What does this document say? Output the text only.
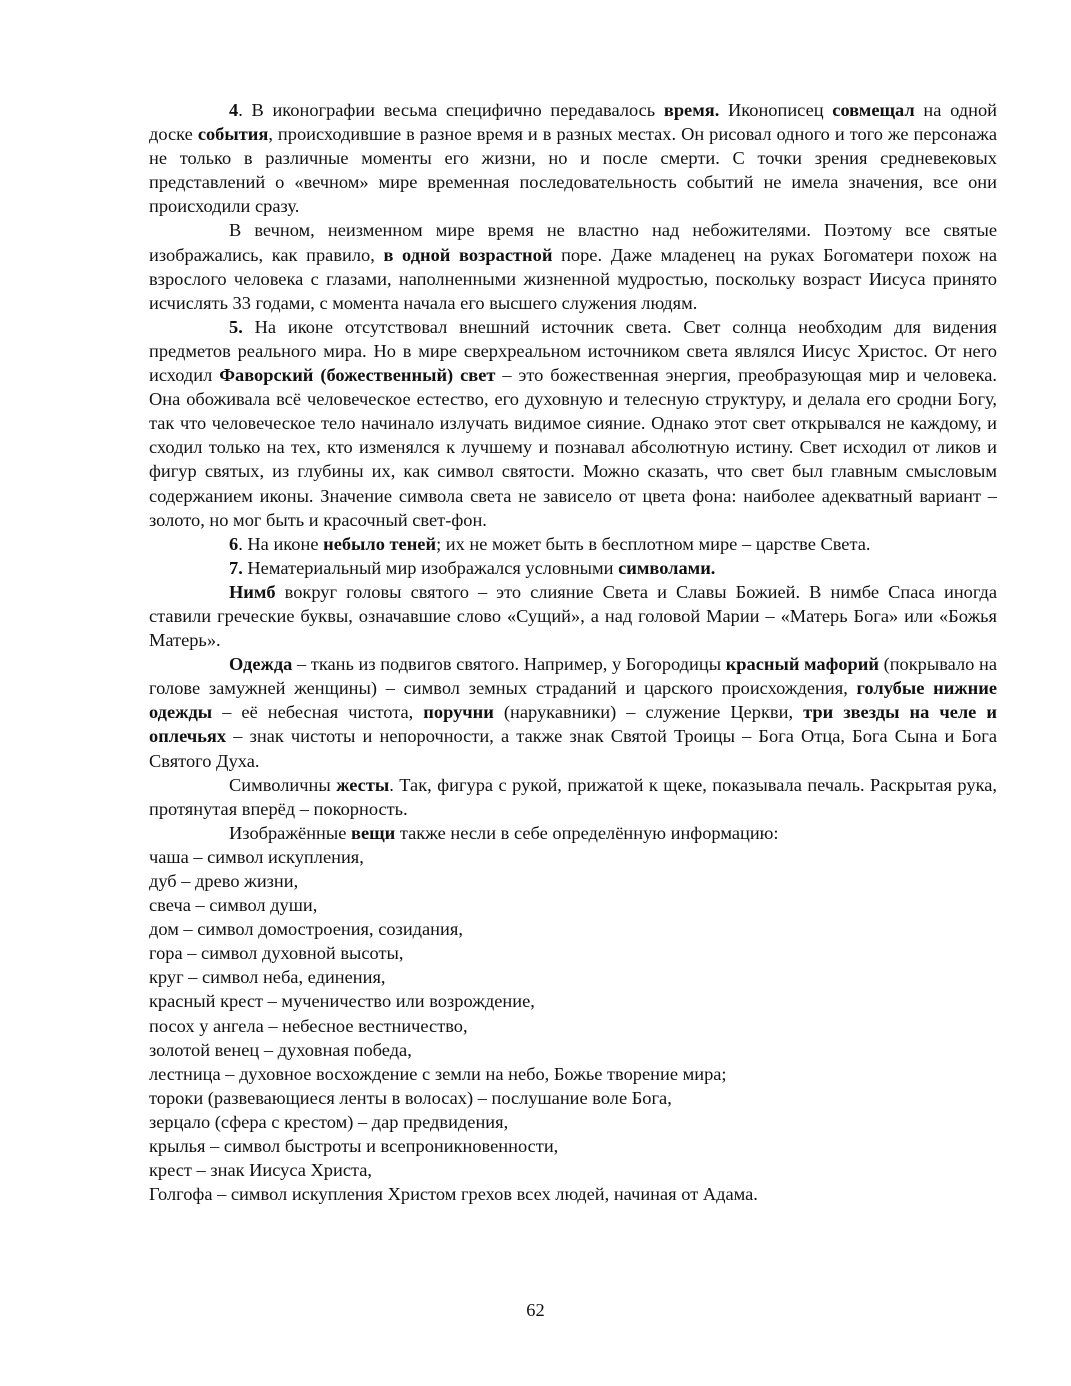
4. В иконографии весьма специфично передавалось время. Иконописец совмещал на одной доске события, происходившие в разное время и в разных местах. Он рисовал одного и того же персонажа не только в различные моменты его жизни, но и после смерти. С точки зрения средневековых представлений о «вечном» мире временная последовательность событий не имела значения, все они происходили сразу.

В вечном, неизменном мире время не властно над небожителями. Поэтому все святые изображались, как правило, в одной возрастной поре. Даже младенец на руках Богоматери похож на взрослого человека с глазами, наполненными жизненной мудростью, поскольку возраст Иисуса принято исчислять 33 годами, с момента начала его высшего служения людям.

5. На иконе отсутствовал внешний источник света. Свет солнца необходим для видения предметов реального мира. Но в мире сверхреальном источником света являлся Иисус Христос. От него исходил Фаворский (божественный) свет – это божественная энергия, преобразующая мир и человека. Она обоживала всё человеческое естество, его духовную и телесную структуру, и делала его сродни Богу, так что человеческое тело начинало излучать видимое сияние. Однако этот свет открывался не каждому, и сходил только на тех, кто изменялся к лучшему и познавал абсолютную истину. Свет исходил от ликов и фигур святых, из глубины их, как символ святости. Можно сказать, что свет был главным смысловым содержанием иконы. Значение символа света не зависело от цвета фона: наиболее адекватный вариант – золото, но мог быть и красочный свет-фон.

6. На иконе небыло теней; их не может быть в бесплотном мире – царстве Света.

7. Нематериальный мир изображался условными символами.

Нимб вокруг головы святого – это слияние Света и Славы Божией. В нимбе Спаса иногда ставили греческие буквы, означавшие слово «Сущий», а над головой Марии – «Матерь Бога» или «Божья Матерь».

Одежда – ткань из подвигов святого. Например, у Богородицы красный мафорий (покрывало на голове замужней женщины) – символ земных страданий и царского происхождения, голубые нижние одежды – её небесная чистота, поручни (нарукавники) – служение Церкви, три звезды на челе и оплечьях – знак чистоты и непорочности, а также знак Святой Троицы – Бога Отца, Бога Сына и Бога Святого Духа.

Символичны жесты. Так, фигура с рукой, прижатой к щеке, показывала печаль. Раскрытая рука, протянутая вперёд – покорность.

Изображённые вещи также несли в себе определённую информацию:

чаша – символ искупления,
дуб – древо жизни,
свеча – символ души,
дом – символ домостроения, созидания,
гора – символ духовной высоты,
круг – символ неба, единения,
красный крест – мученичество или возрождение,
посох у ангела – небесное вестничество,
золотой венец – духовная победа,
лестница – духовное восхождение с земли на небо, Божье творение мира;
тороки (развевающиеся ленты в волосах) – послушание воле Бога,
зерцало (сфера с крестом) – дар предвидения,
крылья – символ быстроты и всепроникновенности,
крест – знак Иисуса Христа,
Голгофа – символ искупления Христом грехов всех людей, начиная от Адама.
62
